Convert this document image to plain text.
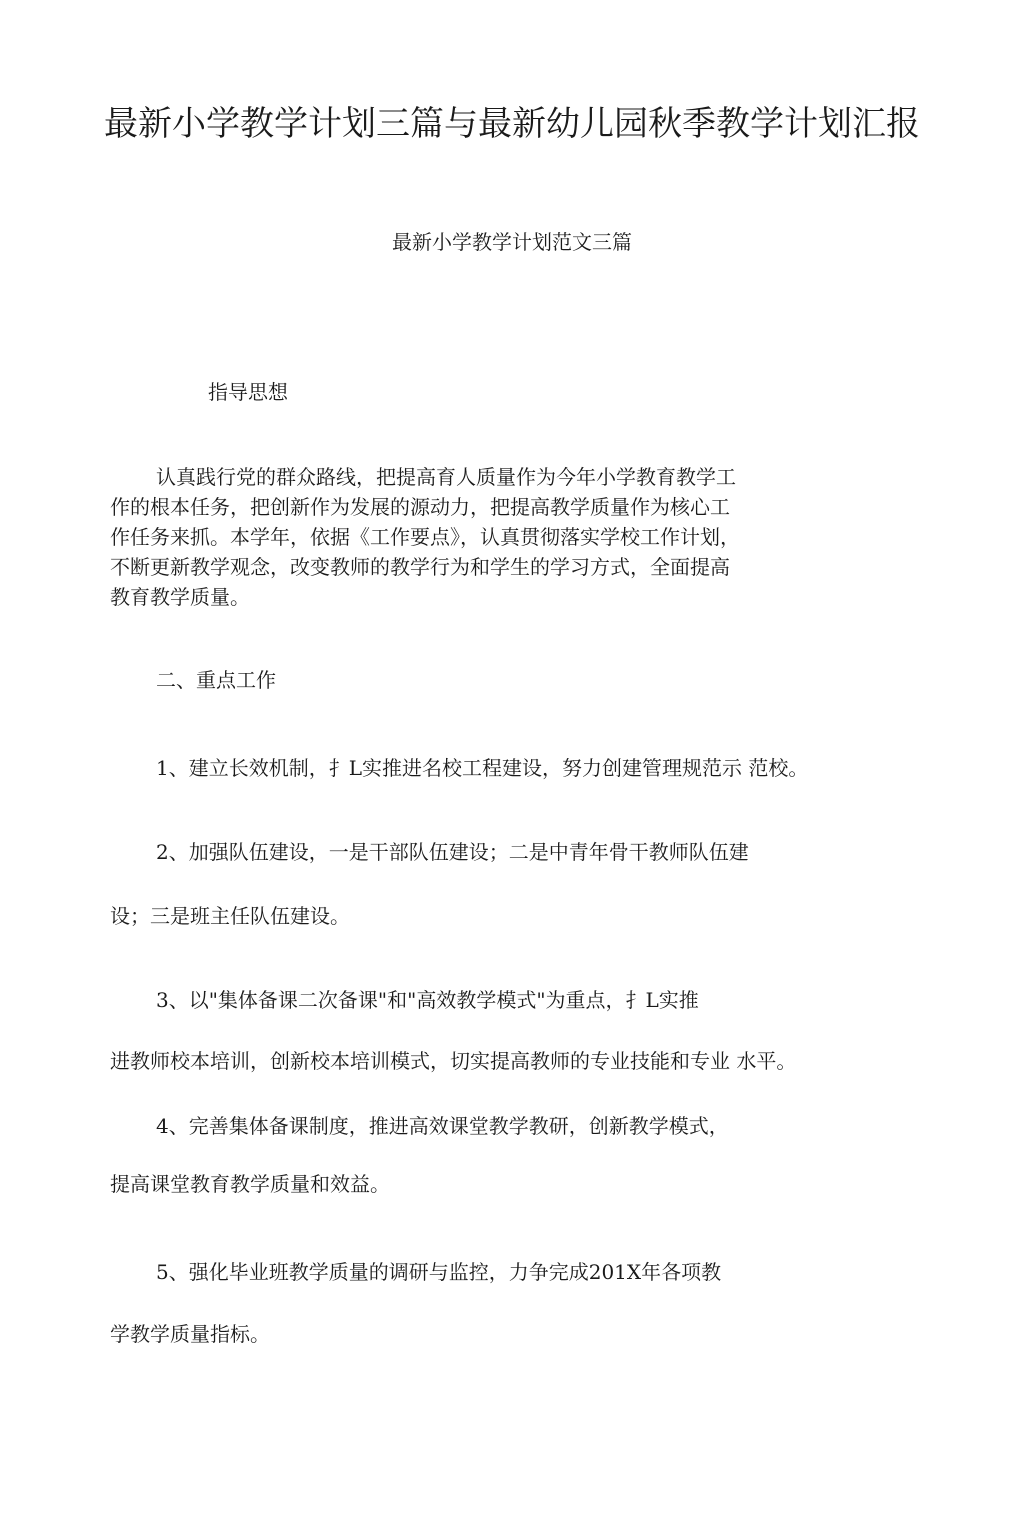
最新小学教学计划三篇与最新幼儿园秋季教学计划汇报
最新小学教学计划范文三篇
指导思想
认真践行党的群众路线，把提高育人质量作为今年小学教育教学工
作的根本任务，把创新作为发展的源动力，把提高教学质量作为核心工
作任务来抓。本学年，依据《工作要点》，认真贯彻落实学校工作计划，
不断更新教学观念，改变教师的教学行为和学生的学习方式，全面提高
教育教学质量。
二、重点工作
1、建立长效机制，扌L实推进名校工程建设，努力创建管理规范示 范校。
2、加强队伍建设，一是干部队伍建设；二是中青年骨干教师队伍建
设；三是班主任队伍建设。
3、以"集体备课二次备课"和"高效教学模式"为重点，扌L实推
进教师校本培训，创新校本培训模式，切实提高教师的专业技能和专业 水平。
4、完善集体备课制度，推进高效课堂教学教研，创新教学模式，
提高课堂教育教学质量和效益。
5、强化毕业班教学质量的调研与监控，力争完成201X年各项教
学教学质量指标。
